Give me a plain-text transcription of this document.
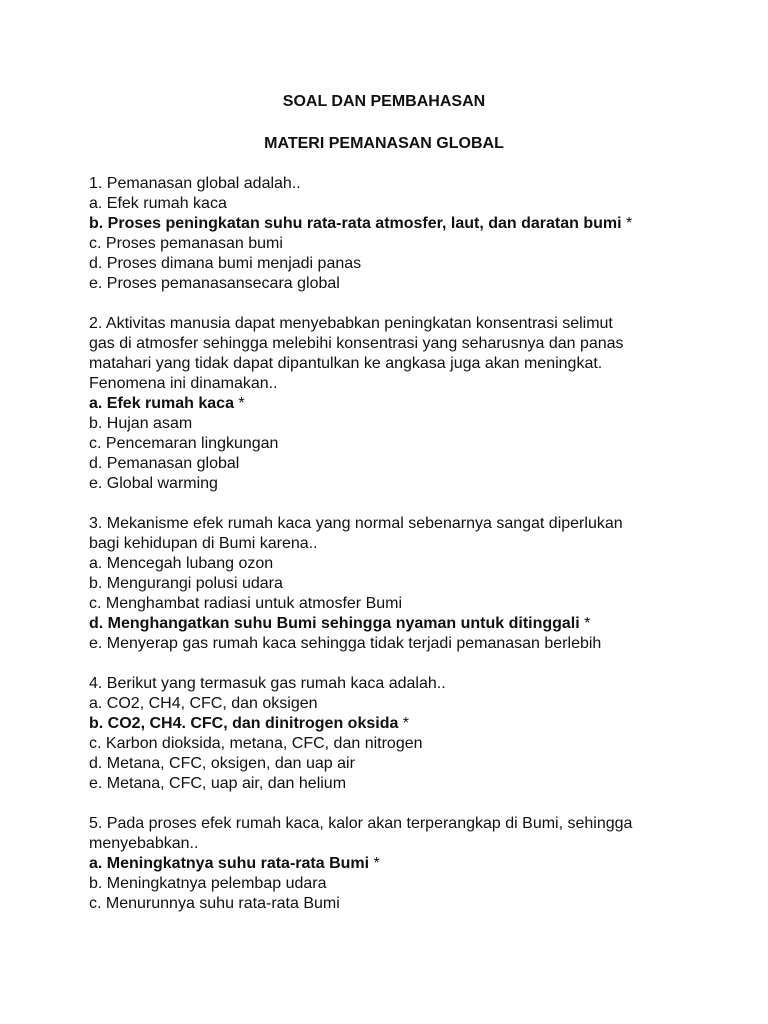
SOAL DAN PEMBAHASAN

MATERI PEMANASAN GLOBAL

1. Pemanasan global adalah..

a. Efek rumah kaca

b. Proses peningkatan suhu rata-rata atmosfer, laut, dan daratan bumi *

c. Proses pemanasan bumi

d. Proses dimana bumi menjadi panas

e. Proses pemanasansecara global

2. Aktivitas manusia dapat menyebabkan peningkatan konsentrasi selimut

gas di atmosfer sehingga melebihi konsentrasi yang seharusnya dan panas

matahari yang tidak dapat dipantulkan ke angkasa juga akan meningkat.

Fenomena ini dinamakan..

a. Efek rumah kaca *

b. Hujan asam

c. Pencemaran lingkungan

d. Pemanasan global

e. Global warming

3. Mekanisme efek rumah kaca yang normal sebenarnya sangat diperlukan

bagi kehidupan di Bumi karena..

a. Mencegah lubang ozon

b. Mengurangi polusi udara

c. Menghambat radiasi untuk atmosfer Bumi

d. Menghangatkan suhu Bumi sehingga nyaman untuk ditinggali *

e. Menyerap gas rumah kaca sehingga tidak terjadi pemanasan berlebih

4. Berikut yang termasuk gas rumah kaca adalah..

a. CO2, CH4, CFC, dan oksigen

b. CO2, CH4. CFC, dan dinitrogen oksida *

c. Karbon dioksida, metana, CFC, dan nitrogen

d. Metana, CFC, oksigen, dan uap air

e. Metana, CFC, uap air, dan helium

5. Pada proses efek rumah kaca, kalor akan terperangkap di Bumi, sehingga

menyebabkan..

a. Meningkatnya suhu rata-rata Bumi *

b. Meningkatnya pelembap udara

c. Menurunnya suhu rata-rata Bumi
